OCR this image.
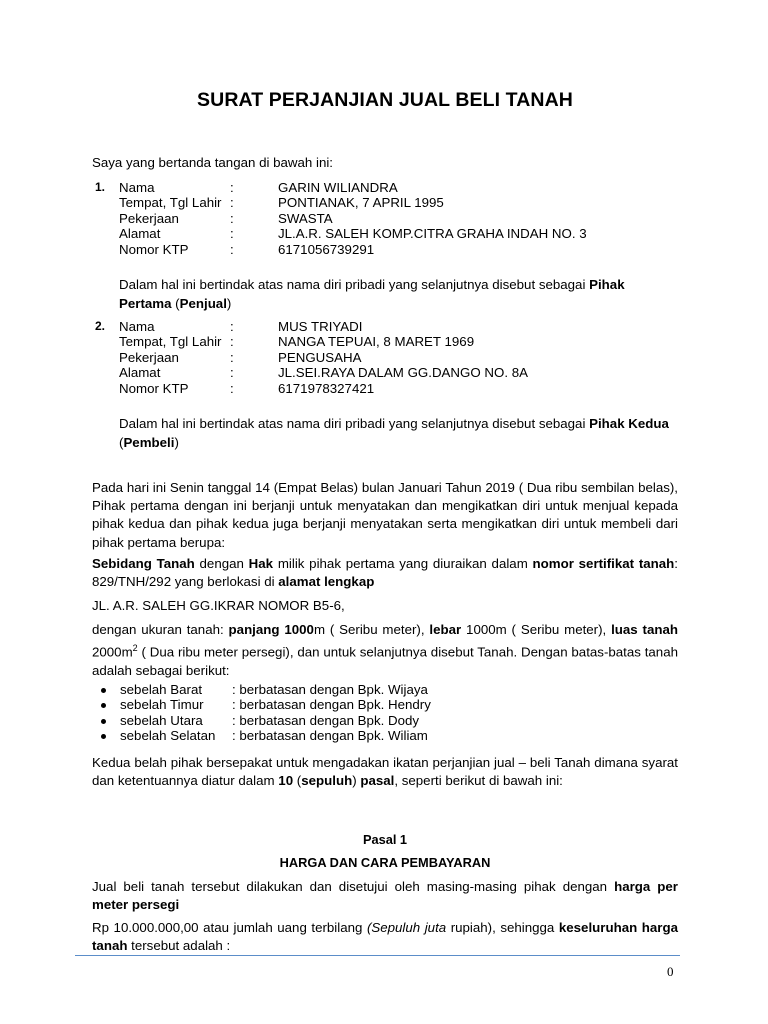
SURAT PERJANJIAN JUAL BELI TANAH
Saya yang bertanda tangan di bawah ini:
1. Nama	:	GARIN WILIANDRA
Tempat, Tgl Lahir :	PONTIANAK, 7 APRIL 1995
Pekerjaan	:	SWASTA
Alamat	:	JL.A.R. SALEH KOMP.CITRA GRAHA INDAH NO. 3
Nomor KTP	:	6171056739291
Dalam hal ini bertindak atas nama diri pribadi yang selanjutnya disebut sebagai Pihak Pertama (Penjual)
2. Nama	:	MUS TRIYADI
Tempat, Tgl Lahir :	NANGA TEPUAI, 8 MARET 1969
Pekerjaan	:	PENGUSAHA
Alamat	:	JL.SEI.RAYA DALAM GG.DANGO NO. 8A
Nomor KTP	:	6171978327421
Dalam hal ini bertindak atas nama diri pribadi yang selanjutnya disebut sebagai Pihak Kedua (Pembeli)
Pada hari ini Senin tanggal 14 (Empat Belas) bulan Januari Tahun 2019 ( Dua ribu sembilan belas), Pihak pertama dengan ini berjanji untuk menyatakan dan mengikatkan diri untuk menjual kepada pihak kedua dan pihak kedua juga berjanji menyatakan serta mengikatkan diri untuk membeli dari pihak pertama berupa:
Sebidang Tanah dengan Hak milik pihak pertama yang diuraikan dalam nomor sertifikat tanah: 829/TNH/292 yang berlokasi di alamat lengkap
JL. A.R. SALEH GG.IKRAR NOMOR B5-6,
dengan ukuran tanah: panjang 1000m ( Seribu meter), lebar 1000m ( Seribu meter), luas tanah $2000m^2$ ( Dua ribu meter persegi), dan untuk selanjutnya disebut Tanah. Dengan batas-batas tanah adalah sebagai berikut:
sebelah Barat : berbatasan dengan Bpk. Wijaya
sebelah Timur : berbatasan dengan Bpk. Hendry
sebelah Utara : berbatasan dengan Bpk. Dody
sebelah Selatan : berbatasan dengan Bpk. Wiliam
Kedua belah pihak bersepakat untuk mengadakan ikatan perjanjian jual – beli Tanah dimana syarat dan ketentuannya diatur dalam 10 (sepuluh) pasal, seperti berikut di bawah ini:
Pasal 1
HARGA DAN CARA PEMBAYARAN
Jual beli tanah tersebut dilakukan dan disetujui oleh masing-masing pihak dengan harga per meter persegi
Rp 10.000.000,00 atau jumlah uang terbilang (Sepuluh juta rupiah), sehingga keseluruhan harga tanah tersebut adalah :
0
